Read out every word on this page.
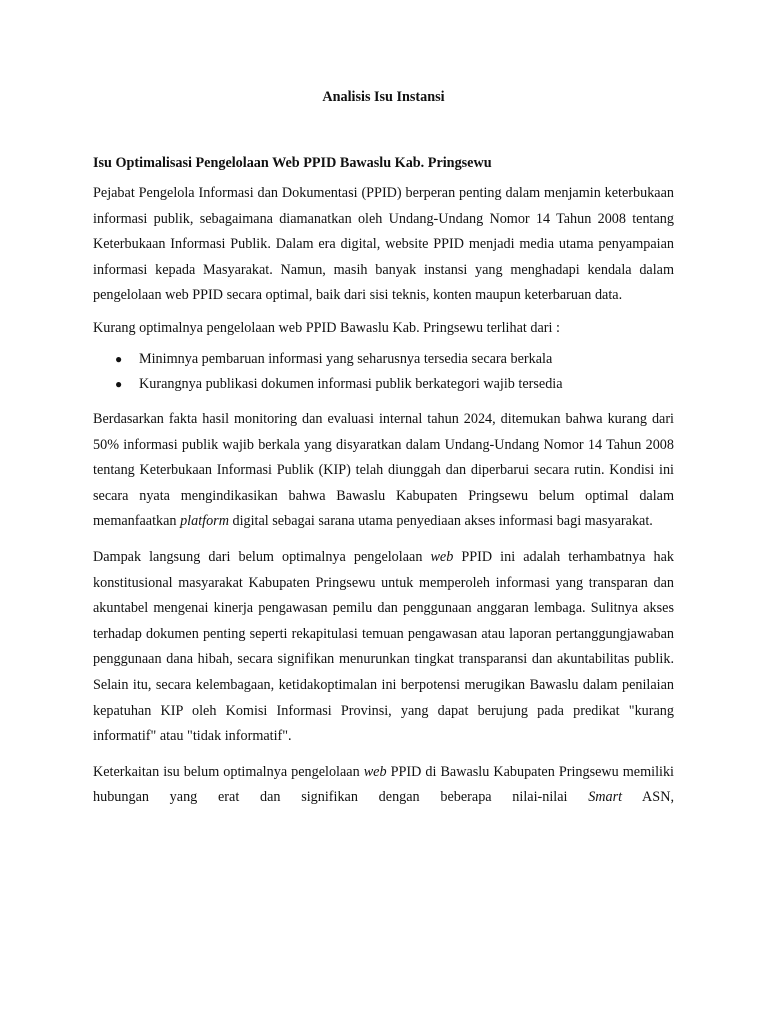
Analisis Isu Instansi
Isu Optimalisasi Pengelolaan Web PPID Bawaslu Kab. Pringsewu

Pejabat Pengelola Informasi dan Dokumentasi (PPID) berperan penting dalam menjamin keterbukaan informasi publik, sebagaimana diamanatkan oleh Undang-Undang Nomor 14 Tahun 2008 tentang Keterbukaan Informasi Publik. Dalam era digital, website PPID menjadi media utama penyampaian informasi kepada Masyarakat. Namun, masih banyak instansi yang menghadapi kendala dalam pengelolaan web PPID secara optimal, baik dari sisi teknis, konten maupun keterbaruan data.

Kurang optimalnya pengelolaan web PPID Bawaslu Kab. Pringsewu terlihat dari :

● Minimnya pembaruan informasi yang seharusnya tersedia secara berkala
● Kurangnya publikasi dokumen informasi publik berkategori wajib tersedia

Berdasarkan fakta hasil monitoring dan evaluasi internal tahun 2024, ditemukan bahwa kurang dari 50% informasi publik wajib berkala yang disyaratkan dalam Undang-Undang Nomor 14 Tahun 2008 tentang Keterbukaan Informasi Publik (KIP) telah diunggah dan diperbarui secara rutin. Kondisi ini secara nyata mengindikasikan bahwa Bawaslu Kabupaten Pringsewu belum optimal dalam memanfaatkan platform digital sebagai sarana utama penyediaan akses informasi bagi masyarakat.

Dampak langsung dari belum optimalnya pengelolaan web PPID ini adalah terhambatnya hak konstitusional masyarakat Kabupaten Pringsewu untuk memperoleh informasi yang transparan dan akuntabel mengenai kinerja pengawasan pemilu dan penggunaan anggaran lembaga. Sulitnya akses terhadap dokumen penting seperti rekapitulasi temuan pengawasan atau laporan pertanggungjawaban penggunaan dana hibah, secara signifikan menurunkan tingkat transparansi dan akuntabilitas publik. Selain itu, secara kelembagaan, ketidakoptimalan ini berpotensi merugikan Bawaslu dalam penilaian kepatuhan KIP oleh Komisi Informasi Provinsi, yang dapat berujung pada predikat "kurang informatif" atau "tidak informatif".

Keterkaitan isu belum optimalnya pengelolaan web PPID di Bawaslu Kabupaten Pringsewu memiliki hubungan yang erat dan signifikan dengan beberapa nilai-nilai Smart ASN,
